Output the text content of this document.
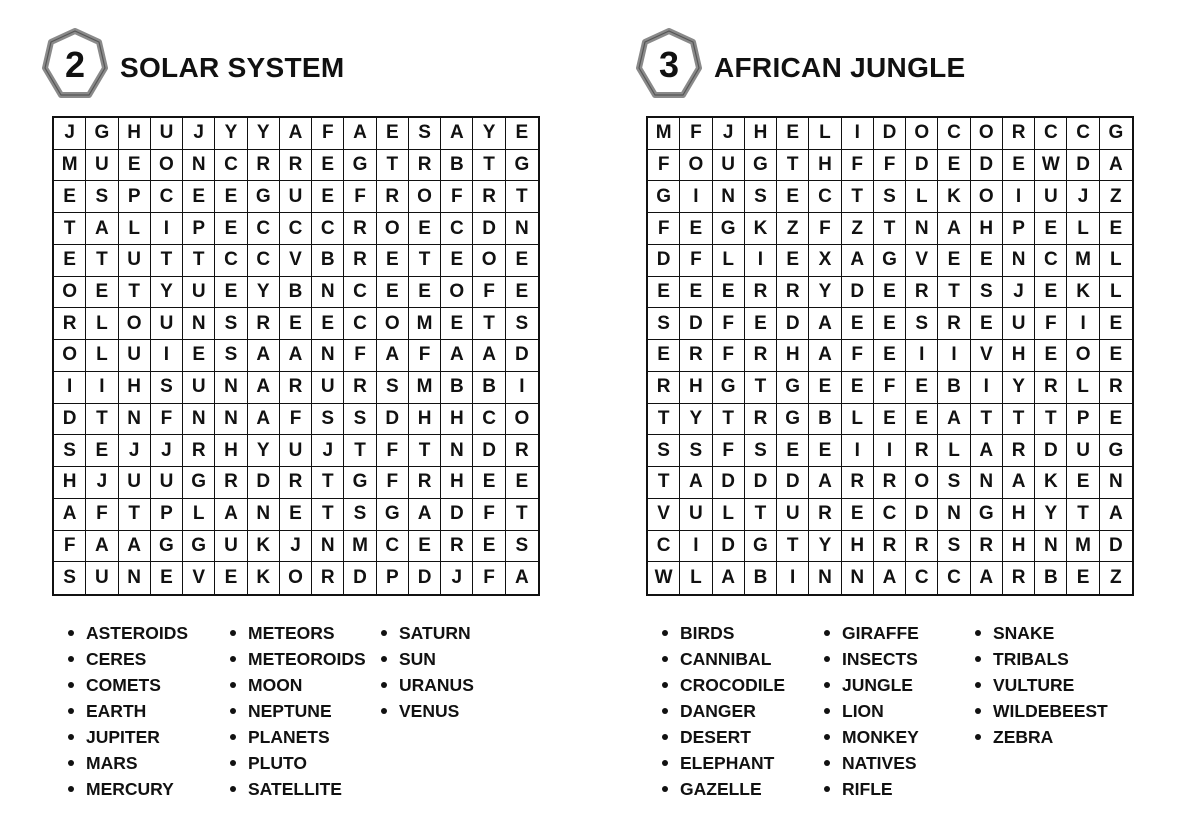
2	SOLAR SYSTEM
J	G H U	J	Y	Y	A	F	A	E	S	A	Y	E
M U	E O N C R R	E G	T	R B	T	G
E	S	P	C	E	E G U	E	F	R O	F	R	T
T	A	L	I	P	E	C C C R O E	C D	N
E	T	U	T	T	C C	V	B R	E	T	E O	E
O E	T	Y	U	E	Y	B N C	E	E O	F	E
R	L	O U N	S	R	E	E	C O M E	T	S
O	L	U	I	E	S	A A N	F	A	F	A A	D
I	I	H	S	U N A R U R	S M B B	I
D	T	N	F	N N A	F	S	S	D H H C O
S	E	J	J	R H	Y	U	J	T	F	T	N D	R
H	J	U U G R D R	T	G	F	R H	E	E
A	F	T	P	L	A N	E	T	S G A D	F	T
F	A A G G U K	J	N M C	E	R	E	S
S	U N	E	V	E	K O R D	P	D	J	F	A
ASTEROIDS
CERES
COMETS
EARTH
JUPITER
MARS
MERCURY
METEORS
METEOROIDS
MOON
NEPTUNE
PLANETS
PLUTO
SATELLITE
SATURN
SUN
URANUS
VENUS
3	AFRICAN JUNGLE
M F	J	H	E	L	I	D O C O R C C G
F	O U G	T	H	F	F	D	E	D	E W D	A
G	I	N	S	E	C	T	S	L	K O	I	U	J	Z
F	E G K	Z	F	Z	T	N A H	P	E	L	E
D	F	L	I	E	X	A G V	E	E	N C M	L
E	E	E	R R	Y	D	E	R	T	S	J	E	K	L
S	D	F	E	D A	E	E	S	R	E	U	F	I	E
E	R	F	R H A	F	E	I	I	V	H	E O	E
R H G	T	G E	E	F	E	B	I	Y	R	L	R
T	Y	T	R G B	L	E	E	A	T	T	T	P	E
S	S	F	S	E	E	I	I	R	L	A R D U G
T	A D D D A R R O S	N A K	E	N
V	U	L	T	U R	E	C D N G H	Y	T	A
C	I	D G	T	Y	H R R	S	R H N M D
W L	A B	I	N N A C C A R B	E	Z
BIRDS
CANNIBAL
CROCODILE
DANGER
DESERT
ELEPHANT
GAZELLE
GIRAFFE
INSECTS
JUNGLE
LION
MONKEY
NATIVES
RIFLE
SNAKE
TRIBALS
VULTURE
WILDEBEEST
ZEBRA
